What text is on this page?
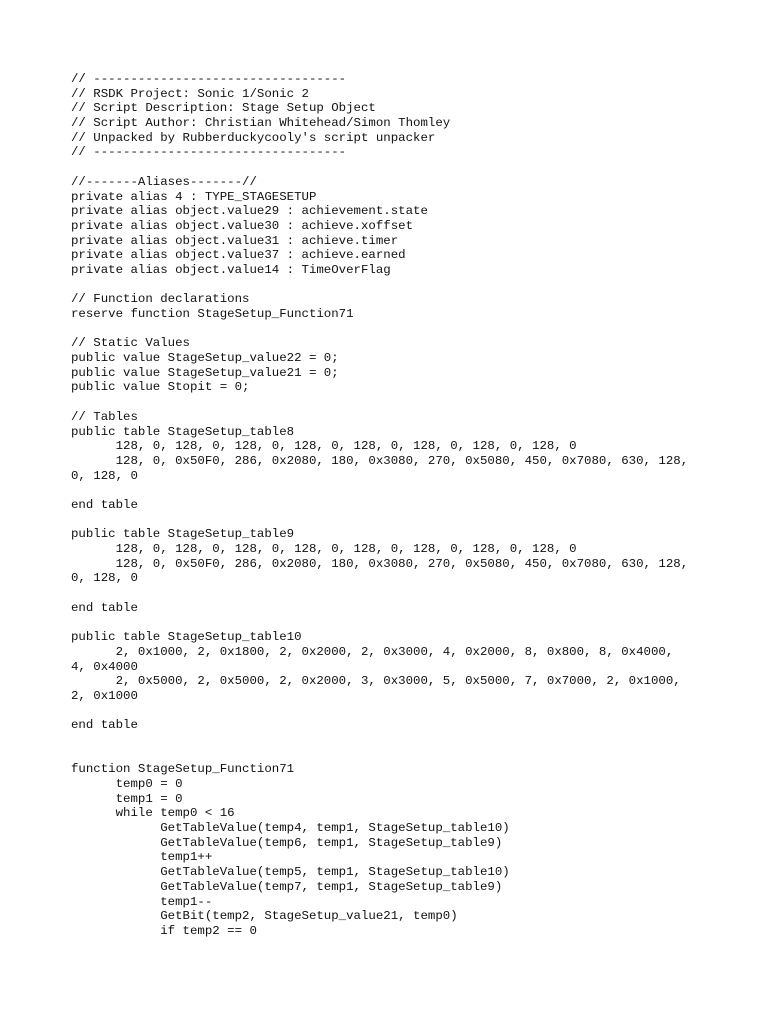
// ----------------------------------
// RSDK Project: Sonic 1/Sonic 2
// Script Description: Stage Setup Object
// Script Author: Christian Whitehead/Simon Thomley
// Unpacked by Rubberduckycooly's script unpacker
// ----------------------------------
//-------Aliases-------//
private alias 4 : TYPE_STAGESETUP
private alias object.value29 : achievement.state
private alias object.value30 : achieve.xoffset
private alias object.value31 : achieve.timer
private alias object.value37 : achieve.earned
private alias object.value14 : TimeOverFlag
// Function declarations
reserve function StageSetup_Function71
// Static Values
public value StageSetup_value22 = 0;
public value StageSetup_value21 = 0;
public value Stopit = 0;
// Tables
public table StageSetup_table8
128, 0, 128, 0, 128, 0, 128, 0, 128, 0, 128, 0, 128, 0, 128, 0
128, 0, 0x50F0, 286, 0x2080, 180, 0x3080, 270, 0x5080, 450, 0x7080, 630, 128,
0, 128, 0
end table
public table StageSetup_table9
128, 0, 128, 0, 128, 0, 128, 0, 128, 0, 128, 0, 128, 0, 128, 0
128, 0, 0x50F0, 286, 0x2080, 180, 0x3080, 270, 0x5080, 450, 0x7080, 630, 128,
0, 128, 0
end table
public table StageSetup_table10
2, 0x1000, 2, 0x1800, 2, 0x2000, 2, 0x3000, 4, 0x2000, 8, 0x800, 8, 0x4000,
4, 0x4000
2, 0x5000, 2, 0x5000, 2, 0x2000, 3, 0x3000, 5, 0x5000, 7, 0x7000, 2, 0x1000,
2, 0x1000
end table
function StageSetup_Function71
temp0 = 0
temp1 = 0
while temp0 < 16
GetTableValue(temp4, temp1, StageSetup_table10)
GetTableValue(temp6, temp1, StageSetup_table9)
temp1++
GetTableValue(temp5, temp1, StageSetup_table10)
GetTableValue(temp7, temp1, StageSetup_table9)
temp1--
GetBit(temp2, StageSetup_value21, temp0)
if temp2 == 0
